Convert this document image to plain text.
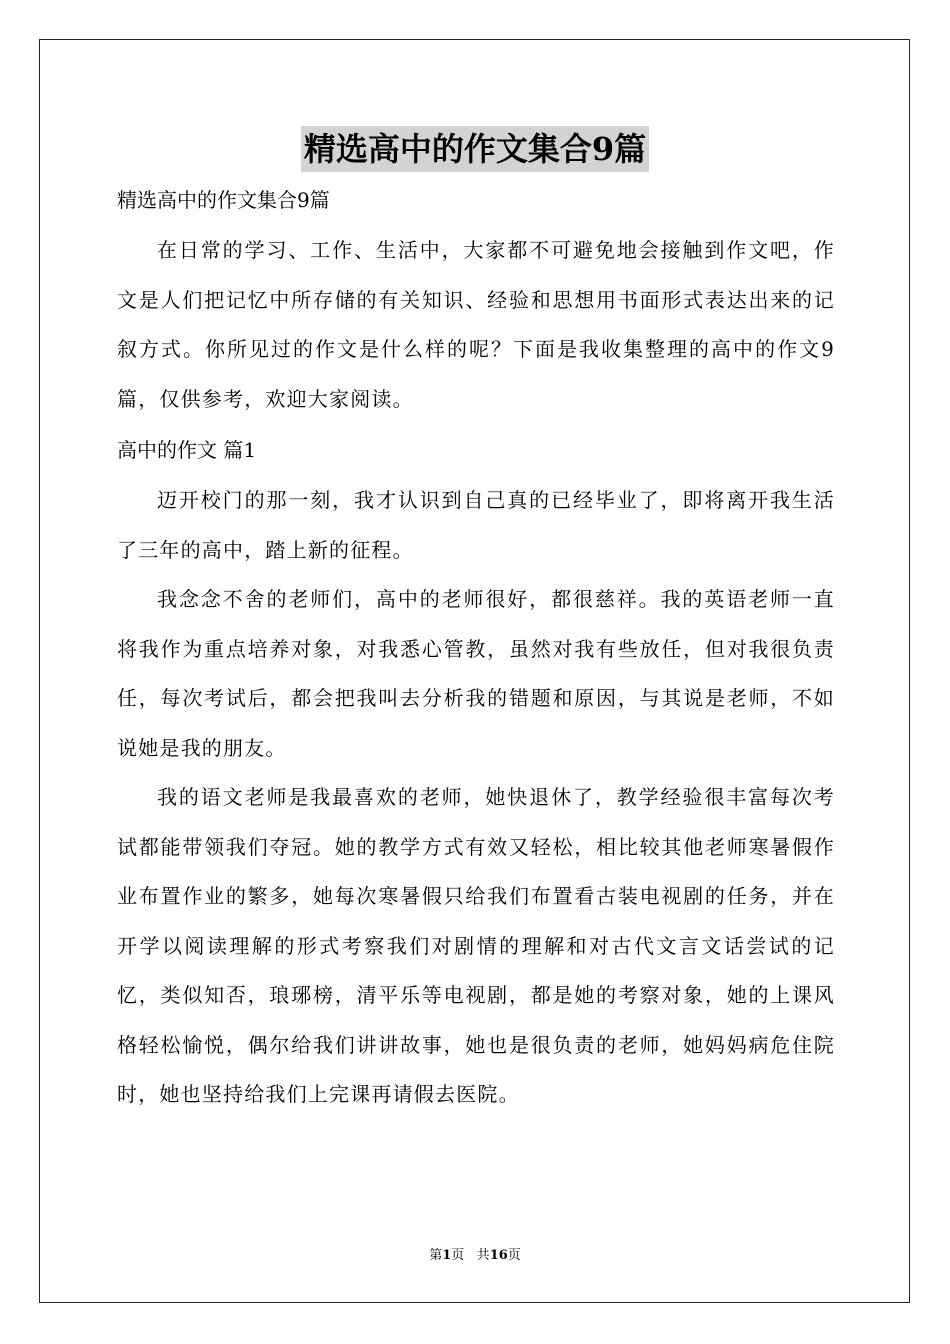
精选高中的作文集合9篇

精选高中的作文集合9篇

在日常的学习、工作、生活中，大家都不可避免地会接触到作文吧，作文是人们把记忆中所存储的有关知识、经验和思想用书面形式表达出来的记叙方式。你所见过的作文是什么样的呢？下面是我收集整理的高中的作文9篇，仅供参考，欢迎大家阅读。

高中的作文 篇1

迈开校门的那一刻，我才认识到自己真的已经毕业了，即将离开我生活了三年的高中，踏上新的征程。

我念念不舍的老师们，高中的老师很好，都很慈祥。我的英语老师一直将我作为重点培养对象，对我悉心管教，虽然对我有些放任，但对我很负责任，每次考试后，都会把我叫去分析我的错题和原因，与其说是老师，不如说她是我的朋友。

我的语文老师是我最喜欢的老师，她快退休了，教学经验很丰富每次考试都能带领我们夺冠。她的教学方式有效又轻松，相比较其他老师寒暑假作业布置作业的繁多，她每次寒暑假只给我们布置看古装电视剧的任务，并在开学以阅读理解的形式考察我们对剧情的理解和对古代文言文话尝试的记忆，类似知否，琅琊榜，清平乐等电视剧，都是她的考察对象，她的上课风格轻松愉悦，偶尔给我们讲讲故事，她也是很负责的老师，她妈妈病危住院时，她也坚持给我们上完课再请假去医院。

第1页 共16页
